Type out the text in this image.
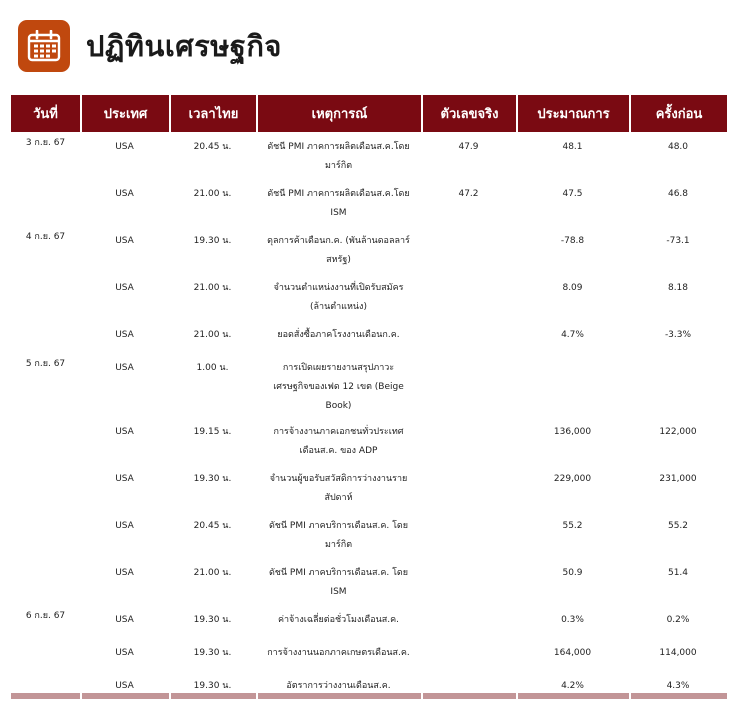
ปฏิทินเศรษฐกิจ
วันที่	ประเทศ	เวลาไทย	เหตุการณ์	ตัวเลขจริง	ประมาณการ	ครั้งก่อน
3 ก.ย. 67	USA	20.45 น.	ดัชนี PMI ภาคการผลิตเดือนส.ค.โดย มาร์กิต	47.9	48.1	48.0
	USA	21.00 น.	ดัชนี PMI ภาคการผลิตเดือนส.ค.โดย ISM	47.2	47.5	46.8
4 ก.ย. 67	USA	19.30 น.	ดุลการค้าเดือนก.ค. (พันล้านดอลลาร์ สหรัฐ)		-78.8	-73.1
	USA	21.00 น.	จำนวนตำแหน่งงานที่เปิดรับสมัคร (ล้านตำแหน่ง)		8.09	8.18
	USA	21.00 น.	ยอดสั่งซื้อภาคโรงงานเดือนก.ค.		4.7%	-3.3%
5 ก.ย. 67	USA	1.00 น.	การเปิดเผยรายงานสรุปภาวะ เศรษฐกิจของเฟด 12 เขต (Beige Book)			
	USA	19.15 น.	การจ้างงานภาคเอกชนทั่วประเทศ เดือนส.ค. ของ ADP		136,000	122,000
	USA	19.30 น.	จำนวนผู้ขอรับสวัสดิการว่างงานราย สัปดาห์		229,000	231,000
	USA	20.45 น.	ดัชนี PMI ภาคบริการเดือนส.ค. โดย มาร์กิต		55.2	55.2
	USA	21.00 น.	ดัชนี PMI ภาคบริการเดือนส.ค. โดย ISM		50.9	51.4
6 ก.ย. 67	USA	19.30 น.	ค่าจ้างเฉลี่ยต่อชั่วโมงเดือนส.ค.		0.3%	0.2%
	USA	19.30 น.	การจ้างงานนอกภาคเกษตรเดือนส.ค.		164,000	114,000
	USA	19.30 น.	อัตราการว่างงานเดือนส.ค.		4.2%	4.3%
